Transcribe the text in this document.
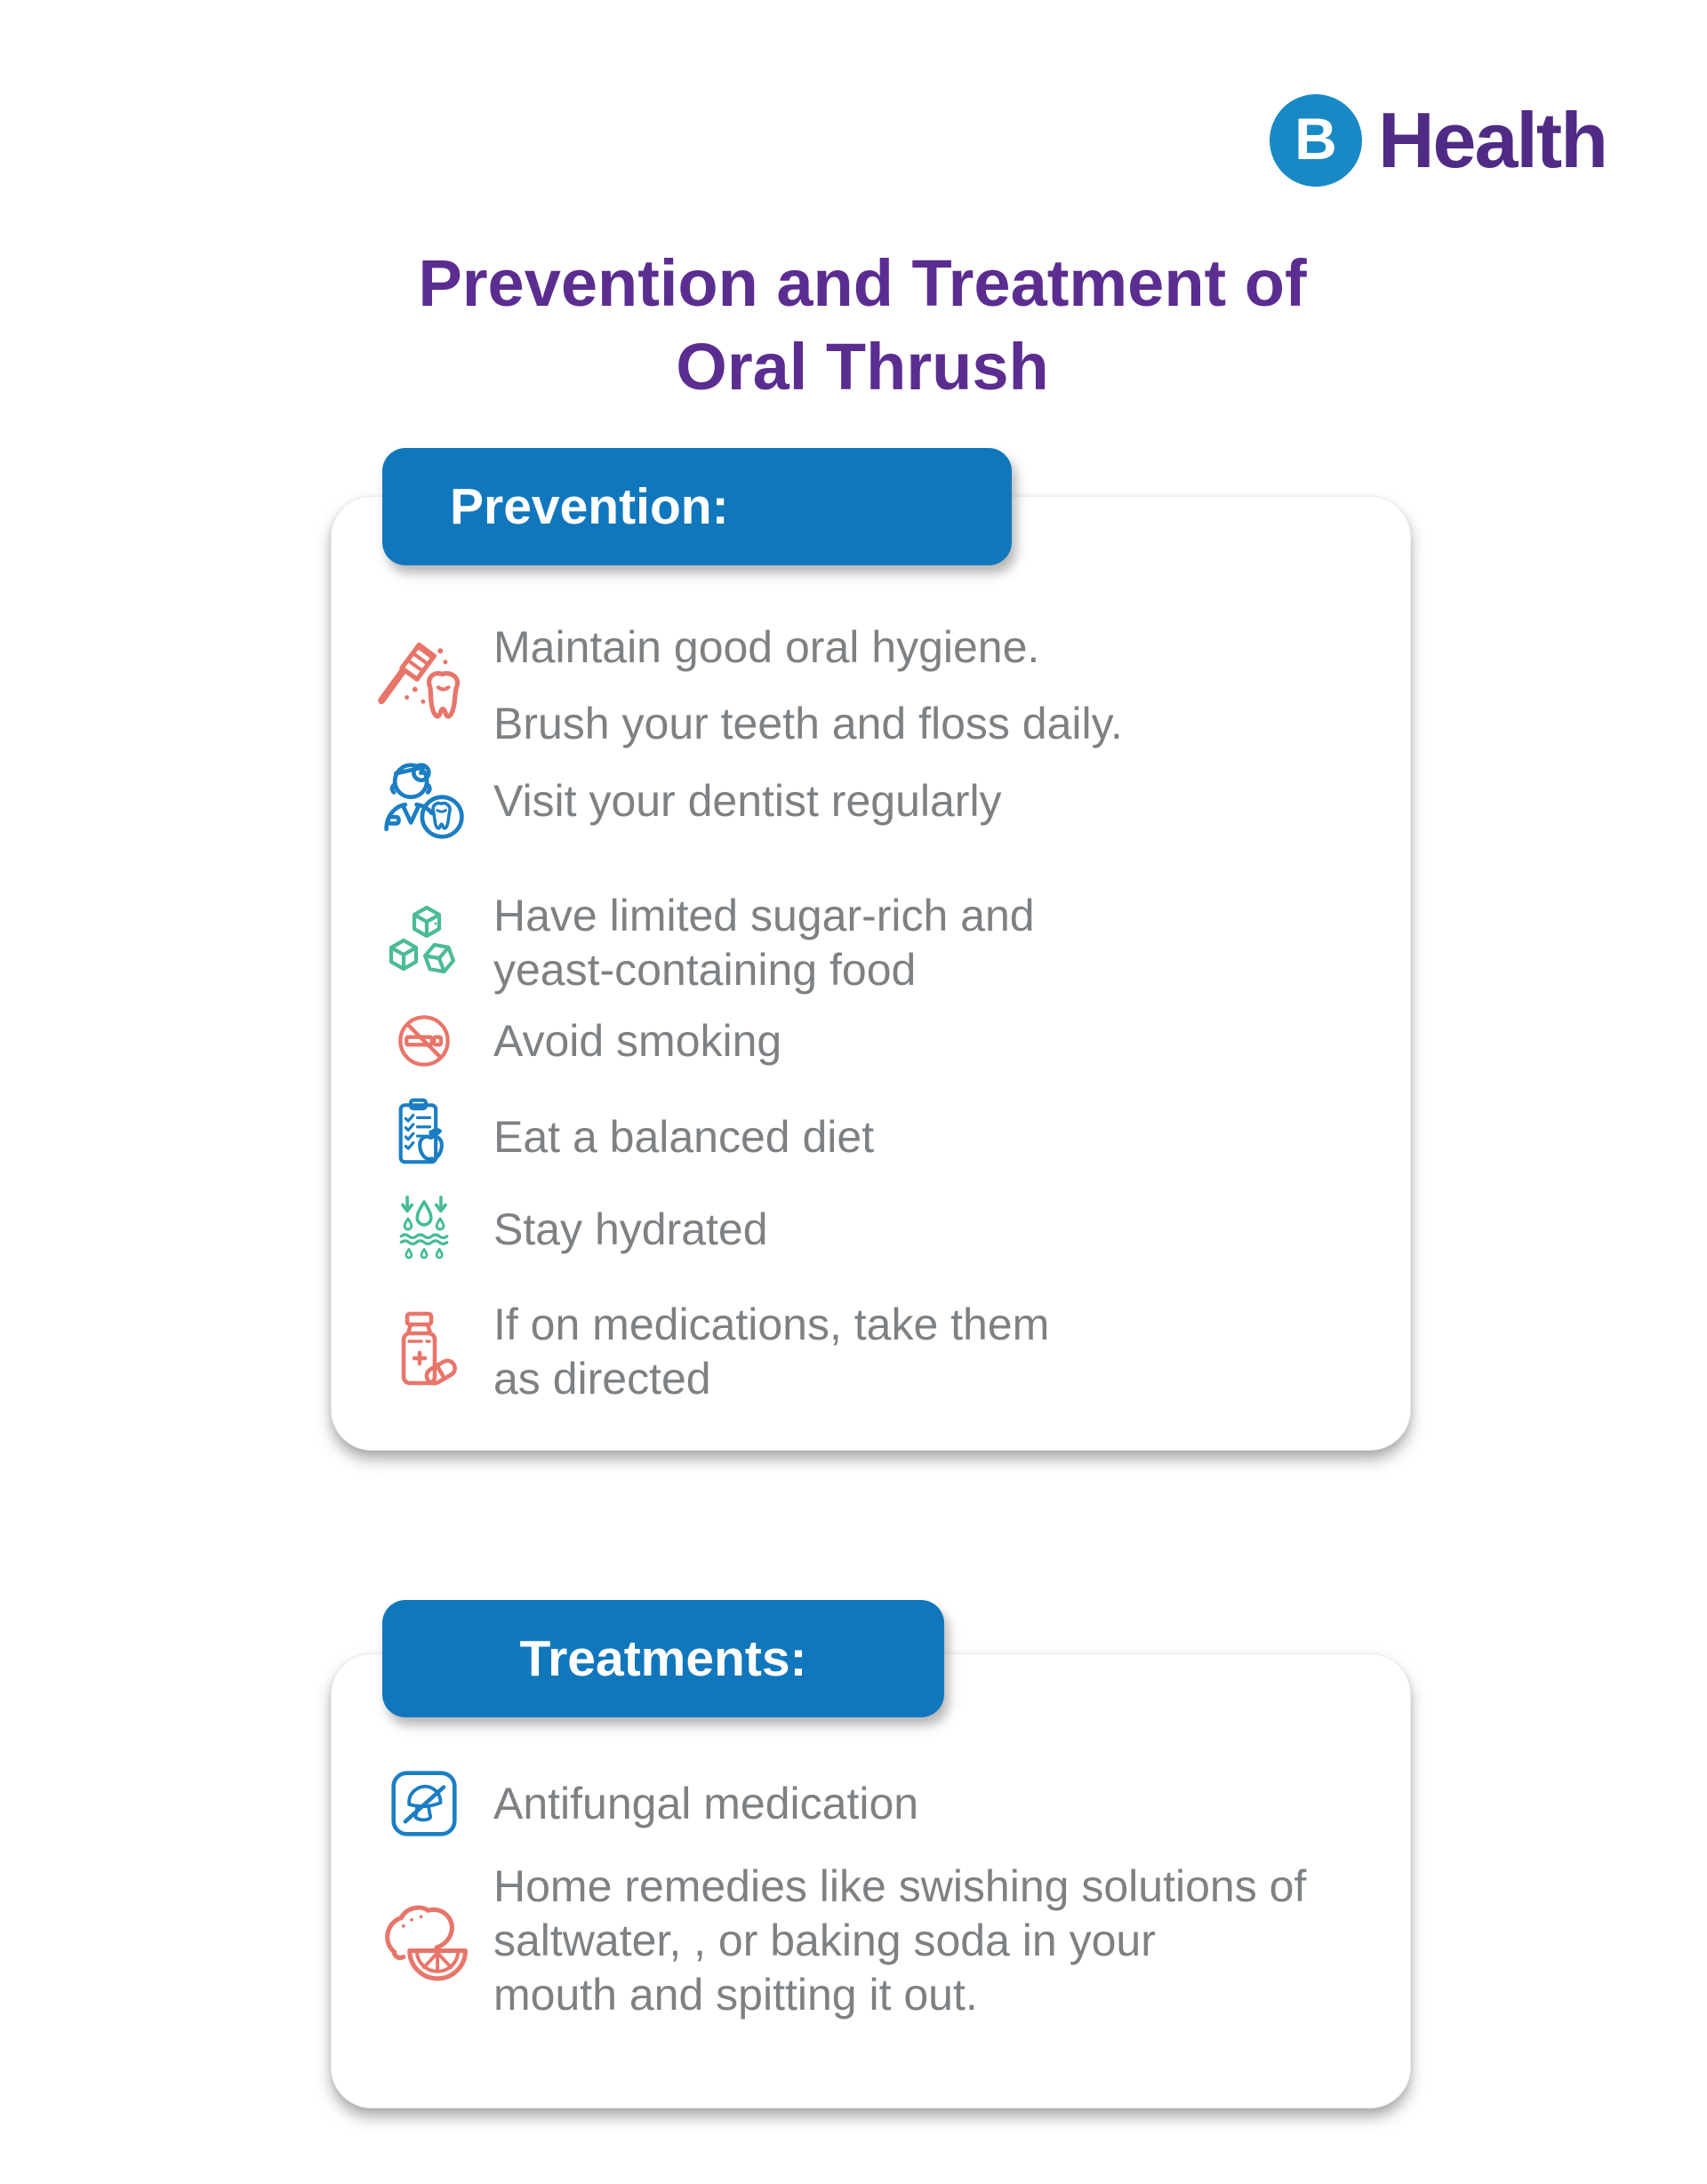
B Health
Prevention and Treatment of
Oral Thrush
Prevention:
Maintain good oral hygiene.
Brush your teeth and floss daily.
Visit your dentist regularly
Have limited sugar-rich and
yeast-containing food
Avoid smoking
Eat a balanced diet
Stay hydrated
If on medications, take them
as directed
Treatments:
Antifungal medication
Home remedies like swishing solutions of
saltwater, , or baking soda in your
mouth and spitting it out.
